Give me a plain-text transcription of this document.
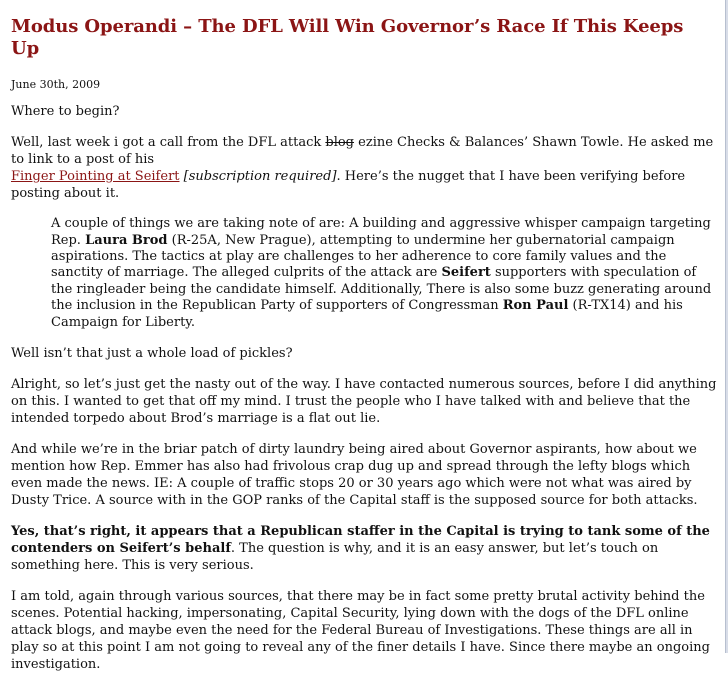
Modus Operandi – The DFL Will Win Governor’s Race If This Keeps Up
June 30th, 2009

Where to begin?

Well, last week i got a call from the DFL attack blog ezine Checks & Balances’ Shawn Towle. He asked me to link to a post of his
Finger Pointing at Seifert [subscription required]. Here’s the nugget that I have been verifying before posting about it.

A couple of things we are taking note of are: A building and aggressive whisper campaign targeting Rep. Laura Brod (R-25A, New Prague), attempting to undermine her gubernatorial campaign aspirations. The tactics at play are challenges to her adherence to core family values and the sanctity of marriage. The alleged culprits of the attack are Seifert supporters with speculation of the ringleader being the candidate himself. Additionally, There is also some buzz generating around the inclusion in the Republican Party of supporters of Congressman Ron Paul (R-TX14) and his Campaign for Liberty.

Well isn’t that just a whole load of pickles?

Alright, so let’s just get the nasty out of the way. I have contacted numerous sources, before I did anything on this. I wanted to get that off my mind. I trust the people who I have talked with and believe that the intended torpedo about Brod’s marriage is a flat out lie.

And while we’re in the briar patch of dirty laundry being aired about Governor aspirants, how about we mention how Rep. Emmer has also had frivolous crap dug up and spread through the lefty blogs which even made the news. IE: A couple of traffic stops 20 or 30 years ago which were not what was aired by Dusty Trice. A source with in the GOP ranks of the Capital staff is the supposed source for both attacks.

Yes, that’s right, it appears that a Republican staffer in the Capital is trying to tank some of the contenders on Seifert’s behalf. The question is why, and it is an easy answer, but let’s touch on something here. This is very serious.

I am told, again through various sources, that there may be in fact some pretty brutal activity behind the scenes. Potential hacking, impersonating, Capital Security, lying down with the dogs of the DFL online attack blogs, and maybe even the need for the Federal Bureau of Investigations. These things are all in play so at this point I am not going to reveal any of the finer details I have. Since there maybe an ongoing investigation.
